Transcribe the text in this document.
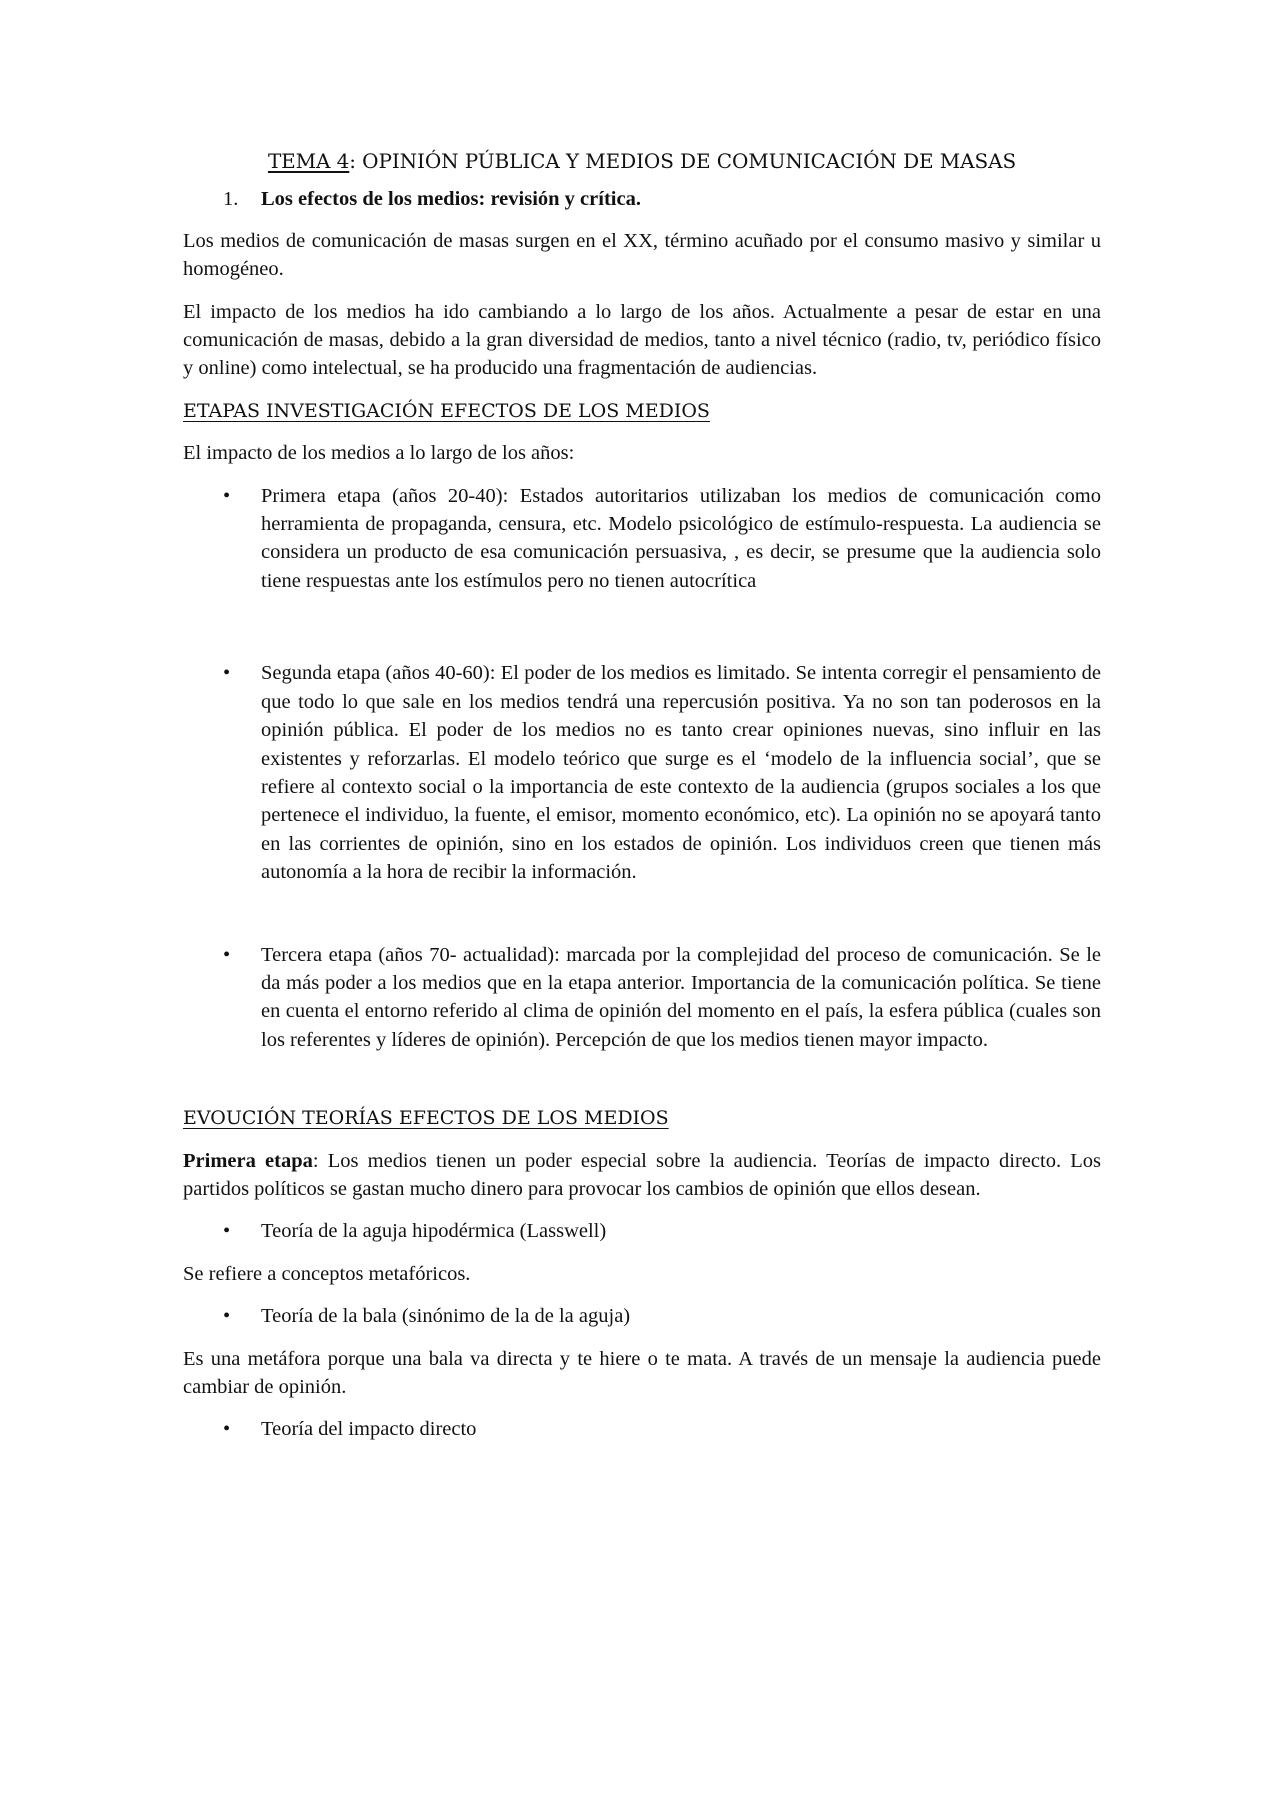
TEMA 4: OPINIÓN PÚBLICA Y MEDIOS DE COMUNICACIÓN DE MASAS
1.	Los efectos de los medios: revisión y crítica.

Los medios de comunicación de masas surgen en el XX, término acuñado por el consumo masivo y similar u homogéneo.

El impacto de los medios ha ido cambiando a lo largo de los años. Actualmente a pesar de estar en una comunicación de masas, debido a la gran diversidad de medios, tanto a nivel técnico (radio, tv, periódico físico y online) como intelectual, se ha producido una fragmentación de audiencias.

ETAPAS INVESTIGACIÓN EFECTOS DE LOS MEDIOS

El impacto de los medios a lo largo de los años:

•	Primera etapa (años 20-40): Estados autoritarios utilizaban los medios de comunicación como herramienta de propaganda, censura, etc. Modelo psicológico de estímulo-respuesta. La audiencia se considera un producto de esa comunicación persuasiva, , es decir, se presume que la audiencia solo tiene respuestas ante los estímulos pero no tienen autocrítica
•	Segunda etapa (años 40-60): El poder de los medios es limitado. Se intenta corregir el pensamiento de que todo lo que sale en los medios tendrá una repercusión positiva. Ya no son tan poderosos en la opinión pública. El poder de los medios no es tanto crear opiniones nuevas, sino influir en las existentes y reforzarlas. El modelo teórico que surge es el ‘modelo de la influencia social’, que se refiere al contexto social o la importancia de este contexto de la audiencia (grupos sociales a los que pertenece el individuo, la fuente, el emisor, momento económico, etc). La opinión no se apoyará tanto en las corrientes de opinión, sino en los estados de opinión. Los individuos creen que tienen más autonomía a la hora de recibir la información.
•	Tercera etapa (años 70- actualidad): marcada por la complejidad del proceso de comunicación. Se le da más poder a los medios que en la etapa anterior. Importancia de la comunicación política. Se tiene en cuenta el entorno referido al clima de opinión del momento en el país, la esfera pública (cuales son los referentes y líderes de opinión). Percepción de que los medios tienen mayor impacto.
EVOUCIÓN TEORÍAS EFECTOS DE LOS MEDIOS

Primera etapa: Los medios tienen un poder especial sobre la audiencia. Teorías de impacto directo. Los partidos políticos se gastan mucho dinero para provocar los cambios de opinión que ellos desean.

•	Teoría de la aguja hipodérmica (Lasswell)

Se refiere a conceptos metafóricos.

•	Teoría de la bala (sinónimo de la de la aguja)

Es una metáfora porque una bala va directa y te hiere o te mata. A través de un mensaje la audiencia puede cambiar de opinión.

•	Teoría del impacto directo
